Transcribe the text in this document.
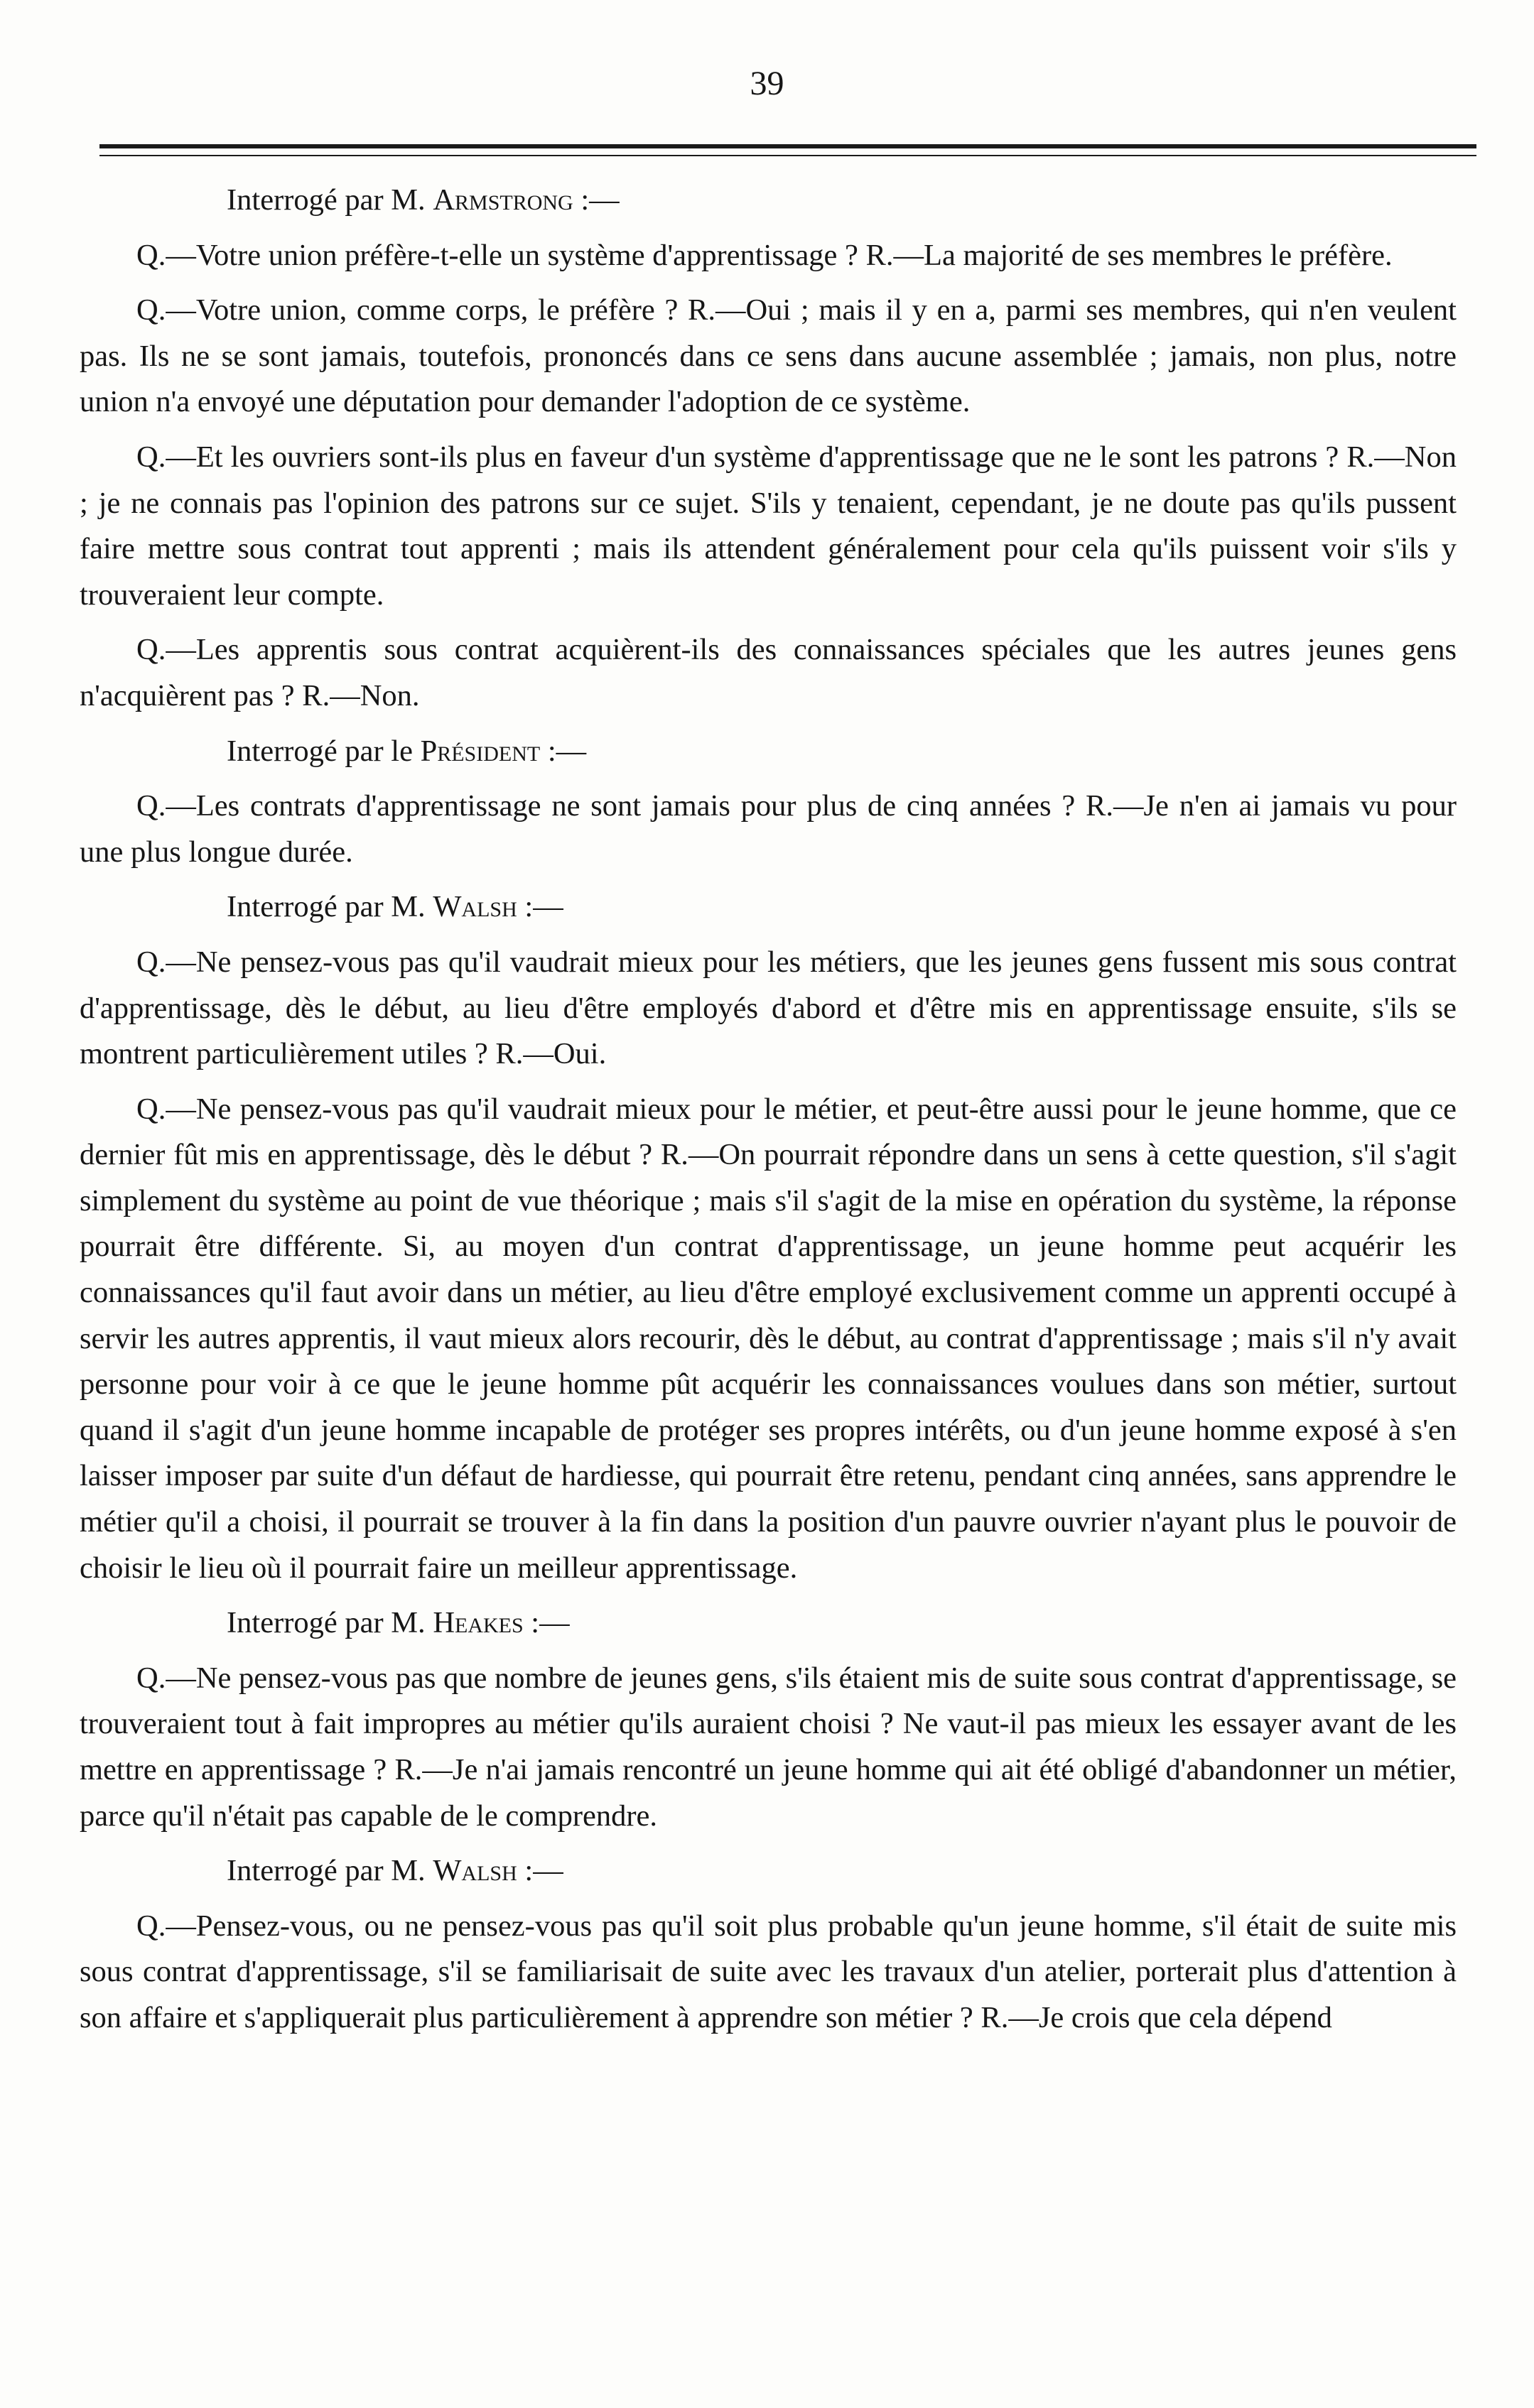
39

Interrogé par M. Armstrong :—

Q.—Votre union préfère-t-elle un système d'apprentissage ? R.—La majorité de ses membres le préfère.

Q.—Votre union, comme corps, le préfère ? R.—Oui ; mais il y en a, parmi ses membres, qui n'en veulent pas. Ils ne se sont jamais, toutefois, prononcés dans ce sens dans aucune assemblée ; jamais, non plus, notre union n'a envoyé une députation pour demander l'adoption de ce système.

Q.—Et les ouvriers sont-ils plus en faveur d'un système d'apprentissage que ne le sont les patrons ? R.—Non ; je ne connais pas l'opinion des patrons sur ce sujet. S'ils y tenaient, cependant, je ne doute pas qu'ils pussent faire mettre sous contrat tout apprenti ; mais ils attendent généralement pour cela qu'ils puissent voir s'ils y trouveraient leur compte.

Q.—Les apprentis sous contrat acquièrent-ils des connaissances spéciales que les autres jeunes gens n'acquièrent pas ? R.—Non.

Interrogé par le Président :—

Q.—Les contrats d'apprentissage ne sont jamais pour plus de cinq années ? R.—Je n'en ai jamais vu pour une plus longue durée.

Interrogé par M. Walsh :—

Q.—Ne pensez-vous pas qu'il vaudrait mieux pour les métiers, que les jeunes gens fussent mis sous contrat d'apprentissage, dès le début, au lieu d'être employés d'abord et d'être mis en apprentissage ensuite, s'ils se montrent particulièrement utiles ? R.—Oui.

Q.—Ne pensez-vous pas qu'il vaudrait mieux pour le métier, et peut-être aussi pour le jeune homme, que ce dernier fût mis en apprentissage, dès le début ? R.—On pourrait répondre dans un sens à cette question, s'il s'agit simplement du système au point de vue théorique ; mais s'il s'agit de la mise en opération du système, la réponse pourrait être différente. Si, au moyen d'un contrat d'apprentissage, un jeune homme peut acquérir les connaissances qu'il faut avoir dans un métier, au lieu d'être employé exclusivement comme un apprenti occupé à servir les autres apprentis, il vaut mieux alors recourir, dès le début, au contrat d'apprentissage ; mais s'il n'y avait personne pour voir à ce que le jeune homme pût acquérir les connaissances voulues dans son métier, surtout quand il s'agit d'un jeune homme incapable de protéger ses propres intérêts, ou d'un jeune homme exposé à s'en laisser imposer par suite d'un défaut de hardiesse, qui pourrait être retenu, pendant cinq années, sans apprendre le métier qu'il a choisi, il pourrait se trouver à la fin dans la position d'un pauvre ouvrier n'ayant plus le pouvoir de choisir le lieu où il pourrait faire un meilleur apprentissage.

Interrogé par M. Heakes :—

Q.—Ne pensez-vous pas que nombre de jeunes gens, s'ils étaient mis de suite sous contrat d'apprentissage, se trouveraient tout à fait impropres au métier qu'ils auraient choisi ? Ne vaut-il pas mieux les essayer avant de les mettre en apprentissage ? R.—Je n'ai jamais rencontré un jeune homme qui ait été obligé d'abandonner un métier, parce qu'il n'était pas capable de le comprendre.

Interrogé par M. Walsh :—

Q.—Pensez-vous, ou ne pensez-vous pas qu'il soit plus probable qu'un jeune homme, s'il était de suite mis sous contrat d'apprentissage, s'il se familiarisait de suite avec les travaux d'un atelier, porterait plus d'attention à son affaire et s'appliquerait plus particulièrement à apprendre son métier ? R.—Je crois que cela dépend
